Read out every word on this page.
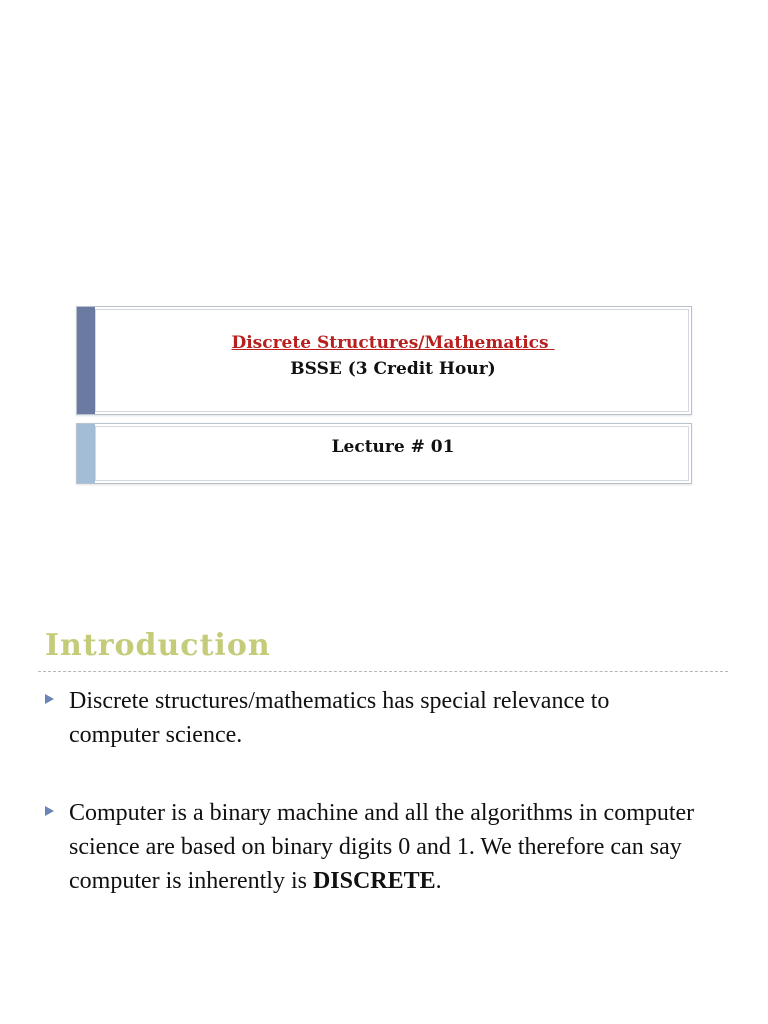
Discrete Structures/Mathematics
BSSE (3 Credit Hour)
Lecture # 01
Introduction
Discrete structures/mathematics has special relevance to computer science.
Computer is a binary machine and all the algorithms in computer science are based on binary digits 0 and 1. We therefore can say computer is inherently is DISCRETE.
